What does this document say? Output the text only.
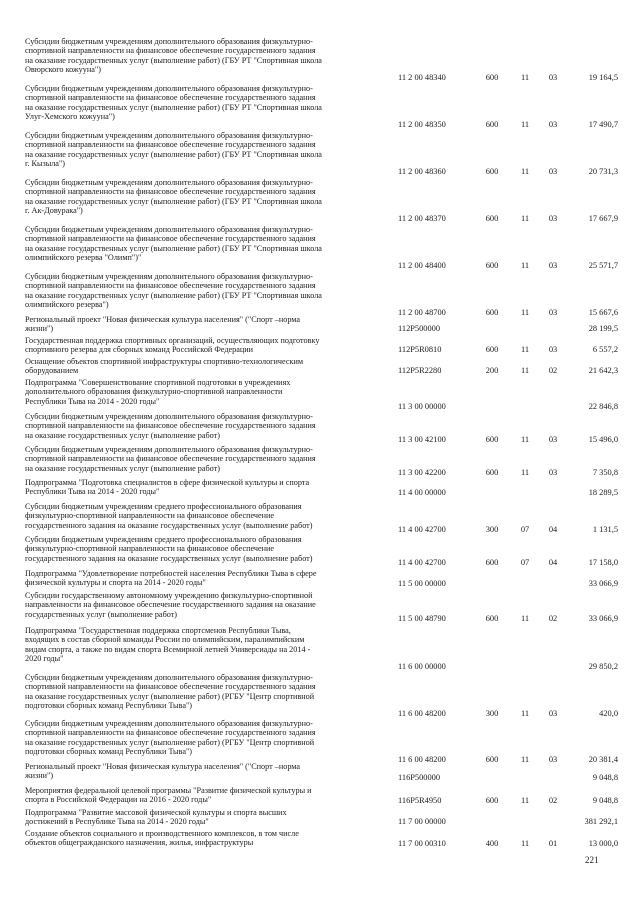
Субсидии бюджетным учреждениям дополнительного образования физкультурно-
спортивной направленности на финансовое обеспечение государственного задания
на оказание государственных услуг (выполнение работ) (ГБУ РТ "Спортивная школа
Овюрского кожууна")
11 2 00 48340	600	11	03	19 164,5
Субсидии бюджетным учреждениям дополнительного образования физкультурно-
спортивной направленности на финансовое обеспечение государственного задания
на оказание государственных услуг (выполнение работ) (ГБУ РТ "Спортивная школа
Улуг-Хемского кожууна")
11 2 00 48350	600	11	03	17 490,7
Субсидии бюджетным учреждениям дополнительного образования физкультурно-
спортивной направленности на финансовое обеспечение государственного задания
на оказание государственных услуг (выполнение работ) (ГБУ РТ "Спортивная школа
г. Кызыла")
11 2 00 48360	600	11	03	20 731,3
Субсидии бюджетным учреждениям дополнительного образования физкультурно-
спортивной направленности на финансовое обеспечение государственного задания
на оказание государственных услуг (выполнение работ) (ГБУ РТ "Спортивная школа
г. Ак-Довурака")
11 2 00 48370	600	11	03	17 667,9
Субсидии бюджетным учреждениям дополнительного образования физкультурно-
спортивной направленности на финансовое обеспечение государственного задания
на оказание государственных услуг (выполнение работ) (ГБУ РТ "Спортивная школа
олимпийского резерва "Олимп")"
11 2 00 48400	600	11	03	25 571,7
Субсидии бюджетным учреждениям дополнительного образования физкультурно-
спортивной направленности на финансовое обеспечение государственного задания
на оказание государственных услуг (выполнение работ) (ГБУ РТ "Спортивная школа
олимпийского резерва")
11 2 00 48700	600	11	03	15 667,6
Региональный проект "Новая физическая культура населения" ("Спорт –норма
жизни")	112P500000	28 199,5
Государственная поддержка спортивных организаций, осуществляющих подготовку
спортивного резерва для сборных команд Российской Федерации	112P5R0810	600	11	03	6 557,2
Оснащение объектов спортивной инфраструктуры спортивно-технологическим
оборудованием	112P5R2280	200	11	02	21 642,3
Подпрограмма "Совершенствование спортивной подготовки в учреждениях
дополнительного образования физкультурно-спортивной направленности
Республики Тыва на 2014 - 2020 годы"
11 3 00 00000	22 846,8
Субсидии бюджетным учреждениям дополнительного образования физкультурно-
спортивной направленности на финансовое обеспечение государственного задания
на оказание государственных услуг (выполнение работ)	11 3 00 42100	600	11	03	15 496,0
Субсидии бюджетным учреждениям дополнительного образования физкультурно-
спортивной направленности на финансовое обеспечение государственного задания
на оказание государственных услуг (выполнение работ)	11 3 00 42200	600	11	03	7 350,8
Подпрограмма "Подготовка специалистов в сфере физической культуры и спорта
Республики Тыва на 2014 - 2020 годы"	11 4 00 00000	18 289,5
Субсидии бюджетным учреждениям среднего профессионального образования
физкультурно-спортивной направленности на финансовое обеспечение
государственного задания на оказание государственных услуг (выполнение работ)	11 4 00 42700	300	07	04	1 131,5
Субсидии бюджетным учреждениям среднего профессионального образования
физкультурно-спортивной направленности на финансовое обеспечение
государственного задания на оказание государственных услуг (выполнение работ)	11 4 00 42700	600	07	04	17 158,0
Подпрограмма "Удовлетворение потребностей населения Республики Тыва в сфере
физической культуры и спорта на 2014 - 2020 годы"	11 5 00 00000	33 066,9
Субсидии государственному автономному учреждению физкультурно-спортивной
направленности на финансовое обеспечение государственного задания на оказание
государственных услуг (выполнение работ)	11 5 00 48790	600	11	02	33 066,9
Подпрограмма "Государственная поддержка спортсменов Республики Тыва,
входящих в состав сборной команды России по олимпийским, паралимпийским
видам спорта, а также по видам спорта Всемирной летней Универсиады на 2014 -
2020 годы"
11 6 00 00000	29 850,2
Субсидии бюджетным учреждениям дополнительного образования физкультурно-
спортивной направленности на финансовое обеспечение государственного задания
на оказание государственных услуг (выполнение работ) (РГБУ "Центр спортивной
подготовки сборных команд Республики Тыва")
11 6 00 48200	300	11	03	420,0
Субсидии бюджетным учреждениям дополнительного образования физкультурно-
спортивной направленности на финансовое обеспечение государственного задания
на оказание государственных услуг (выполнение работ) (РГБУ "Центр спортивной
подготовки сборных команд Республики Тыва")
11 6 00 48200	600	11	03	20 381,4
Региональный проект "Новая физическая культура населения" ("Спорт –норма
жизни")	116P500000	9 048,8
Мероприятия федеральной целевой программы "Развитие физической культуры и
спорта в Российской Федерации на 2016 - 2020 годы"	116P5R4950	600	11	02	9 048,8
Подпрограмма "Развитие массовой физической культуры и спорта высших
достижений в Республике Тыва на 2014 - 2020 годы"	11 7 00 00000	381 292,1
Создание объектов социального и производственного комплексов, в том числе
объектов общегражданского назначения, жилья, инфраструктуры	11 7 00 00310	400	11	01	13 000,0
221
